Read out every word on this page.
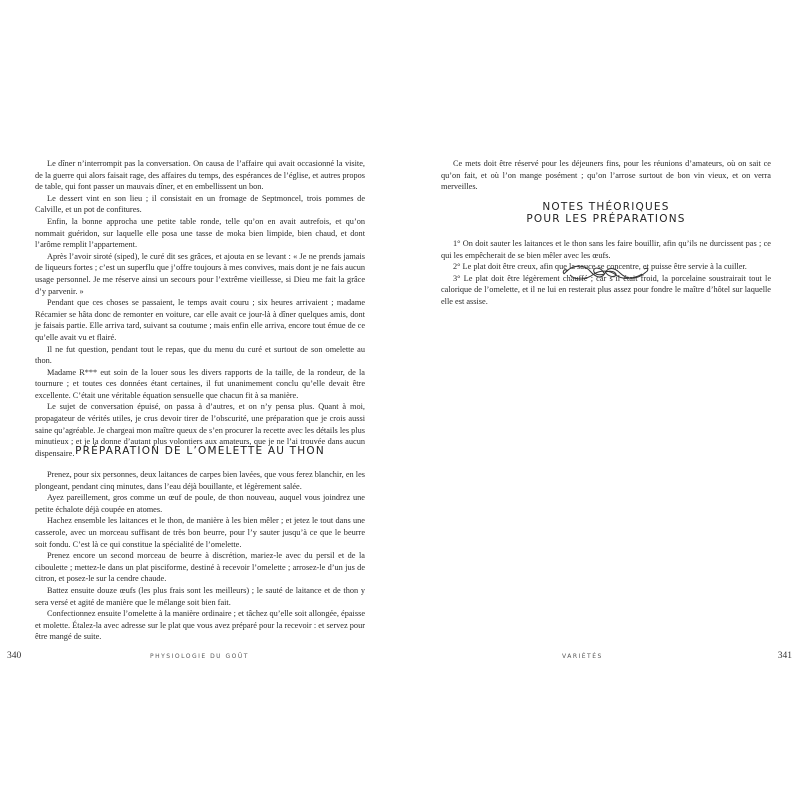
Le dîner n’interrompit pas la conversation. On causa de l’affaire qui avait occasionné la visite, de la guerre qui alors faisait rage, des affaires du temps, des espérances de l’église, et autres propos de table, qui font passer un mauvais dîner, et en embellissent un bon.

Le dessert vint en son lieu ; il consistait en un fromage de Septmoncel, trois pommes de Calville, et un pot de confitures.

Enfin, la bonne approcha une petite table ronde, telle qu’on en avait autrefois, et qu’on nommait guéridon, sur laquelle elle posa une tasse de moka bien limpide, bien chaud, et dont l’arôme remplit l’appartement.

Après l’avoir siroté (siped), le curé dit ses grâces, et ajouta en se levant : « Je ne prends jamais de liqueurs fortes ; c’est un superflu que j’offre toujours à mes convives, mais dont je ne fais aucun usage personnel. Je me réserve ainsi un secours pour l’extrême vieillesse, si Dieu me fait la grâce d’y parvenir. »

Pendant que ces choses se passaient, le temps avait couru ; six heures arrivaient ; madame Récamier se hâta donc de remonter en voiture, car elle avait ce jour-là à dîner quelques amis, dont je faisais partie. Elle arriva tard, suivant sa coutume ; mais enfin elle arriva, encore tout émue de ce qu’elle avait vu et flairé.

Il ne fut question, pendant tout le repas, que du menu du curé et surtout de son omelette au thon.

Madame R*** eut soin de la louer sous les divers rapports de la taille, de la rondeur, de la tournure ; et toutes ces données étant certaines, il fut unanimement conclu qu’elle devait être excellente. C’était une véritable équation sensuelle que chacun fit à sa manière.

Le sujet de conversation épuisé, on passa à d’autres, et on n’y pensa plus. Quant à moi, propagateur de vérités utiles, je crus devoir tirer de l’obscurité, une préparation que je crois aussi saine qu’agréable. Je chargeai mon maître queux de s’en procurer la recette avec les détails les plus minutieux ; et je la donne d’autant plus volontiers aux amateurs, que je ne l’ai trouvée dans aucun dispensaire. PRÉPARATION DE L’OMELETTE AU THON

Prenez, pour six personnes, deux laitances de carpes bien lavées, que vous ferez blanchir, en les plongeant, pendant cinq minutes, dans l’eau déjà bouillante, et légèrement salée.

Ayez pareillement, gros comme un œuf de poule, de thon nouveau, auquel vous joindrez une petite échalote déjà coupée en atomes.

Hachez ensemble les laitances et le thon, de manière à les bien mêler ; et jetez le tout dans une casserole, avec un morceau suffisant de très bon beurre, pour l’y sauter jusqu’à ce que le beurre soit fondu. C’est là ce qui constitue la spécialité de l’omelette.

Prenez encore un second morceau de beurre à discrétion, mariez-le avec du persil et de la ciboulette ; mettez-le dans un plat pisciforme, destiné à recevoir l’omelette ; arrosez-le d’un jus de citron, et posez-le sur la cendre chaude.

Battez ensuite douze œufs (les plus frais sont les meilleurs) ; le sauté de laitance et de thon y sera versé et agité de manière que le mélange soit bien fait.

Confectionnez ensuite l’omelette à la manière ordinaire ; et tâchez qu’elle soit allongée, épaisse et molette. Étalez-la avec adresse sur le plat que vous avez préparé pour la recevoir : et servez pour être mangé de suite.

340	PHYSIOLOGIE DU GOÛT

Ce mets doit être réservé pour les déjeuners fins, pour les réunions d’amateurs, où on sait ce qu’on fait, et où l’on mange posément ; qu’on l’arrose surtout de bon vin vieux, et on verra merveilles.

NOTES THÉORIQUES
POUR LES PRÉPARATIONS

1° On doit sauter les laitances et le thon sans les faire bouillir, afin qu’ils ne durcissent pas ; ce qui les empêcherait de se bien mêler avec les œufs.

2° Le plat doit être creux, afin que la sauce se concentre, et puisse être servie à la cuiller.

3° Le plat doit être légèrement chauffé ; car s’il était froid, la porcelaine soustrairait tout le calorique de l’omelette, et il ne lui en resterait plus assez pour fondre le maître d’hôtel sur laquelle elle est assise.

VARIÉTÉS	341
